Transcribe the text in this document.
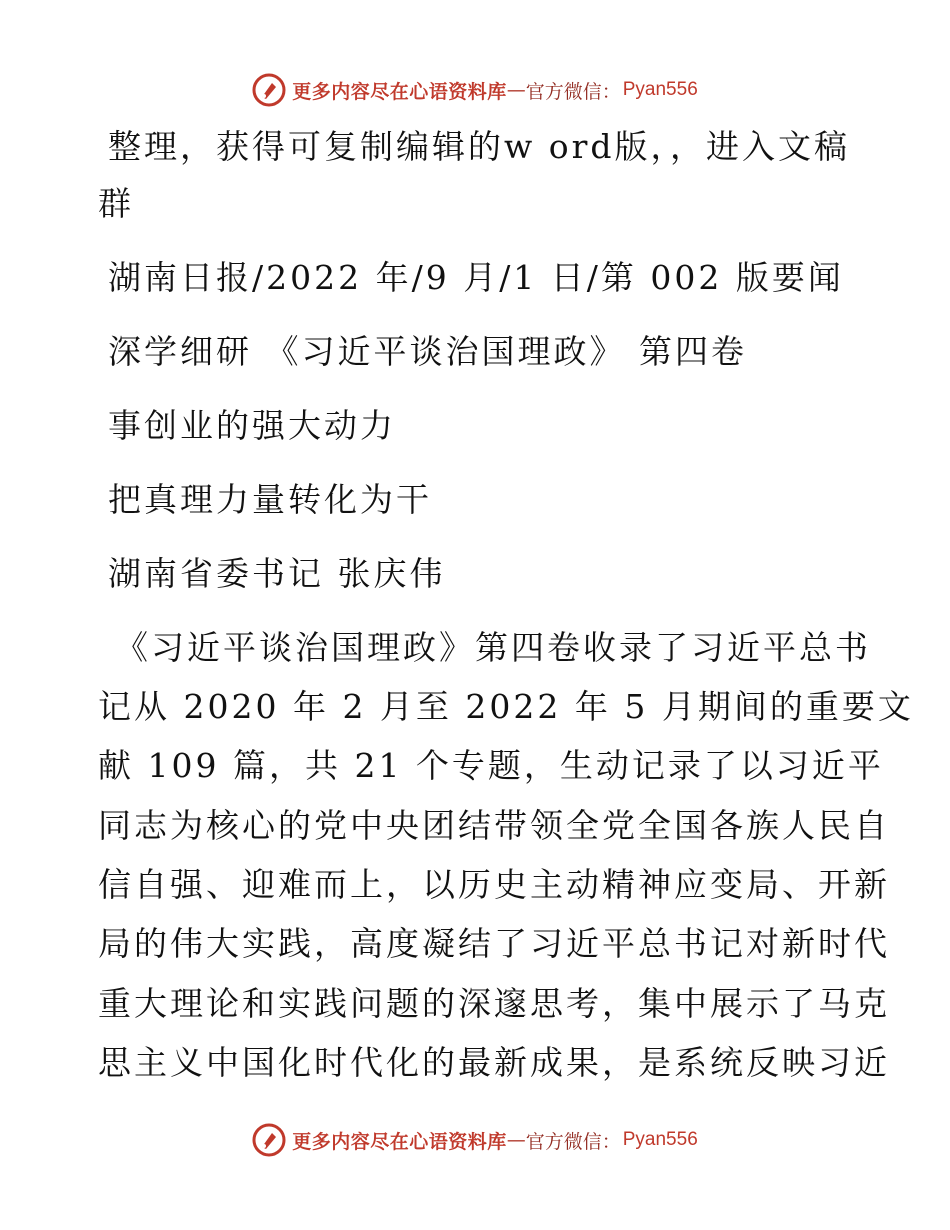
更多内容尽在心语资料库 — 官方微信： Pyan556
整理，获得可复制编辑的w ord版，，进入文稿
群
湖南日报/2022 年/9 月/1 日/第 002 版要闻
深学细研 《习近平谈治国理政》 第四卷
事创业的强大动力
把真理力量转化为干
湖南省委书记 张庆伟
《习近平谈治国理政》第四卷收录了习近平总书
记从 2020 年 2 月至 2022 年 5 月期间的重要文
献 109 篇，共 21 个专题，生动记录了以习近平
同志为核心的党中央团结带领全党全国各族人民自
信自强、迎难而上，以历史主动精神应变局、开新
局的伟大实践，高度凝结了习近平总书记对新时代
重大理论和实践问题的深邃思考，集中展示了马克
思主义中国化时代化的最新成果，是系统反映习近
更多内容尽在心语资料库 — 官方微信： Pyan556
